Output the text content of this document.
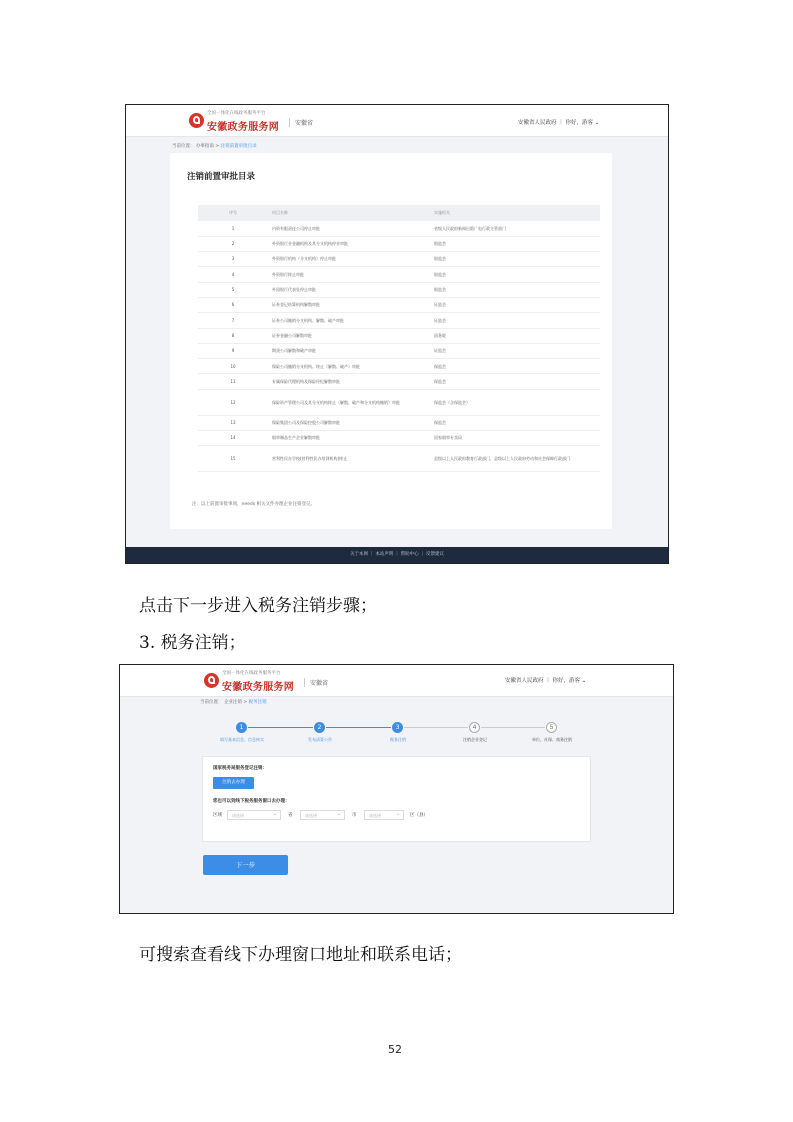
全国一体化在线政务服务平台
安徽政务服务网	安徽省	安徽省人民政府 ｜ 你好，游客 ⌄
当前位置： 办事指南 > 注销前置审批目录
注销前置审批目录
序号	项目名称	实施机关
1	内资有限责任公司停止审批	省级人民政府新闻出版广电行政主管部门
2	外资银行业金融机构及其分支机构停业审批	银监会
3	外资银行机构（分支机构）停止审批	银监会
4	外资银行终止审批	银监会
5	外国银行代表处停止审批	银监会
6	证券登记结算机构解散审批	证监会
7	证券公司撤销分支机构、解散、破产审批	证监会
8	证券金融公司解散审批	国务院
9	期货公司解散和破产审批	证监会
10	保险公司撤销分支机构、终止（解散、破产）审批	保监会
11	专属保险代理机构及保险经纪解散审批	保监会
12	保险资产管理公司及其分支机构终止（解散、破产和分支机构撤销）审批	保监会（含保监会）
13	保险集团公司及保险控股公司解散审批	保监会
14	烟草制品生产企业解散审批	国家烟草专卖局
15	营利性民办学校(营利性民办培训机构)终止	县级以上人民政府教育行政部门，县级以上人民政府劳动和社会保障行政部门
注：以上前置审批事项，needs 相关文件办理企业注销登记。
关于本网 ｜ 本站声明 ｜ 帮助中心 ｜ 反馈建议
点击下一步进入税务注销步骤；
3. 税务注销；
全国一体化在线政务服务平台
安徽政务服务网	安徽省	安徽省人民政府 ｜ 你好，游客 ⌄
当前位置： 企业注销 > 税务注销
1	2	3	4	5
填写基本信息、信息核实	发布清算公告	税务注销	注销企业登记	单位、社保、商务注销
国家税务局服务登记注销：
注销去办理
您也可以到线下税务服务窗口去办理：
区域	请选择 ⌄	省	请选择 ⌄	市	请选择 ⌄	区（县）
下一步
可搜索查看线下办理窗口地址和联系电话；
52
